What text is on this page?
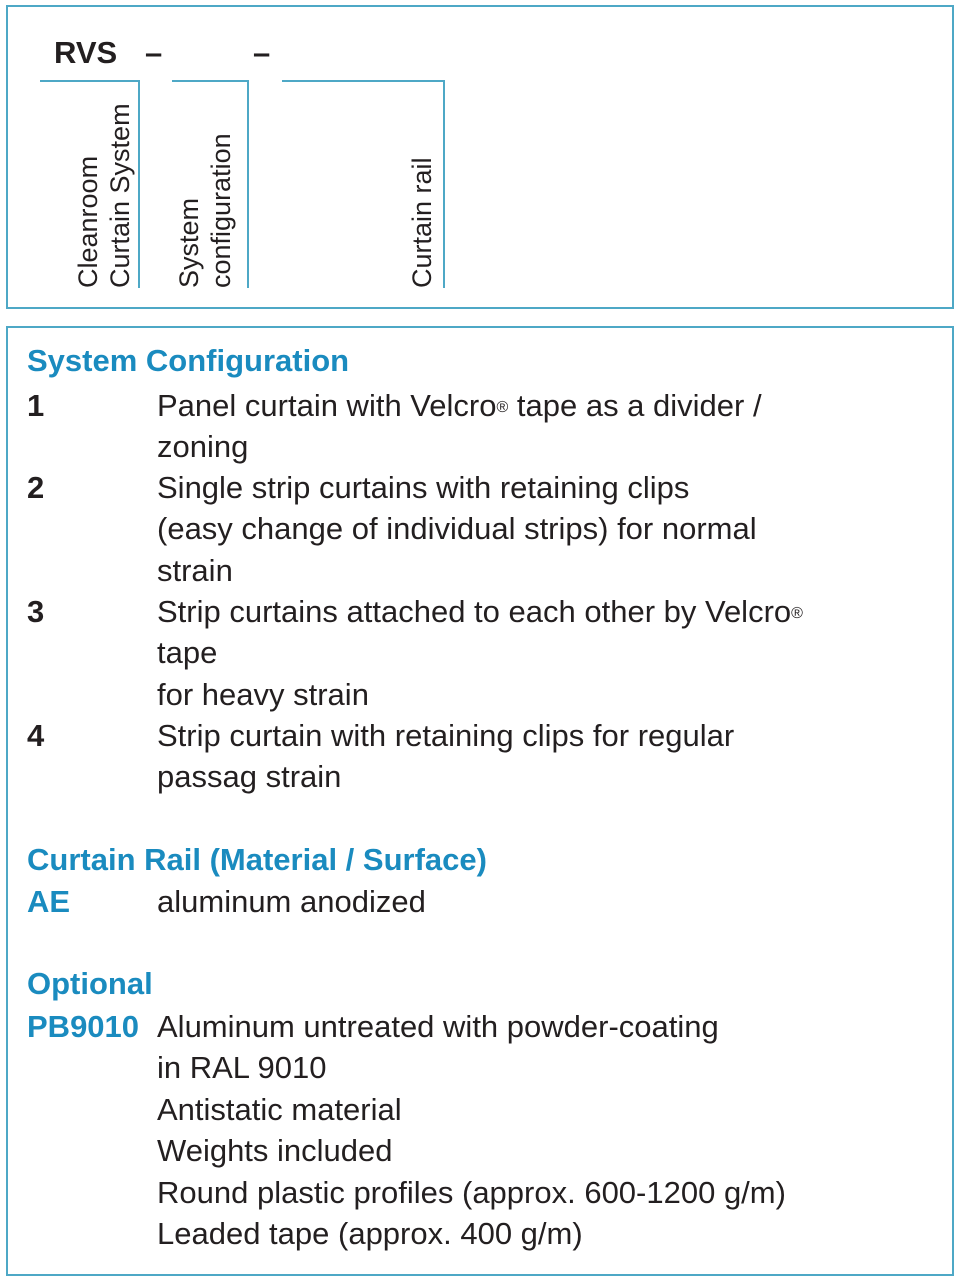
RVS –	–
Cleanroom Curtain System System configuration	Curtain rail
System Configuration
1	Panel curtain with Velcro® tape as a divider /
zoning
2	Single strip curtains with retaining clips
(easy change of individual strips) for normal
strain
3	Strip curtains attached to each other by Velcro®
tape
for heavy strain
4	Strip curtain with retaining clips for regular
passag strain
Curtain Rail (Material / Surface)
AE	aluminum anodized
Optional
PB9010 Aluminum untreated with powder-coating
in RAL 9010
Antistatic material
Weights included
Round plastic profiles (approx. 600-1200 g/m)
Leaded tape (approx. 400 g/m)
